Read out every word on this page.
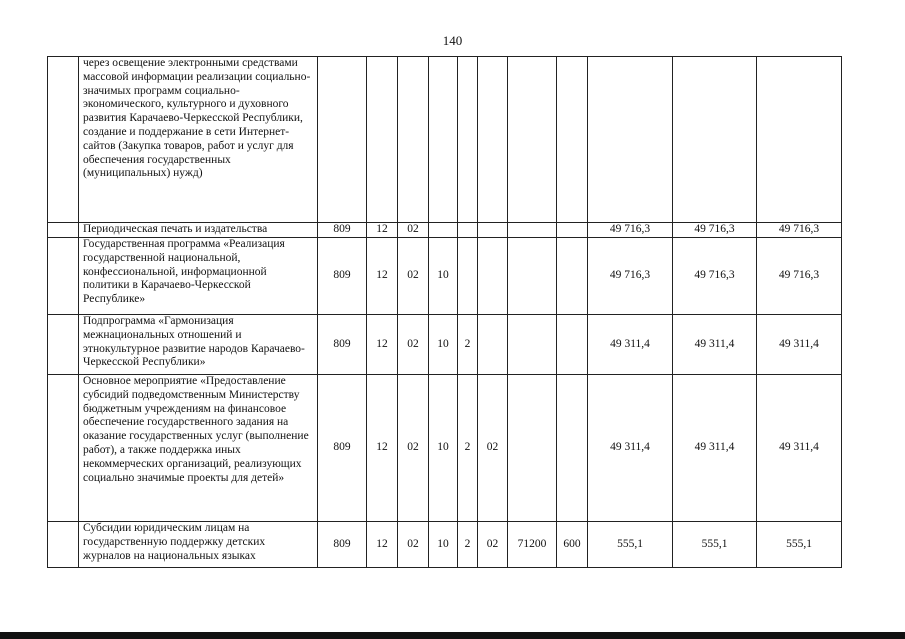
140
	через освещение электронными средствами массовой информации реализации социально-значимых программ социально-экономического, культурного и духовного развития Карачаево-Черкесской Республики, создание и поддержание в сети Интернет-сайтов (Закупка товаров, работ и услуг для обеспечения государственных (муниципальных) нужд)											
	Периодическая печать и издательства	809	12	02						49 716,3	49 716,3	49 716,3
	Государственная программа «Реализация государственной национальной, конфессиональной, информационной политики в Карачаево-Черкесской Республике»	809	12	02	10					49 716,3	49 716,3	49 716,3
	Подпрограмма «Гармонизация межнациональных отношений и этнокультурное развитие народов Карачаево-Черкесской Республики»	809	12	02	10	2				49 311,4	49 311,4	49 311,4
	Основное мероприятие «Предоставление субсидий подведомственным Министерству бюджетным учреждениям на финансовое обеспечение государственного задания на оказание государственных услуг (выполнение работ), а также поддержка иных некоммерческих организаций, реализующих социально значимые проекты для детей»	809	12	02	10	2	02			49 311,4	49 311,4	49 311,4
	Субсидии юридическим лицам на государственную поддержку детских журналов на национальных языках	809	12	02	10	2	02	71200	600	555,1	555,1	555,1
